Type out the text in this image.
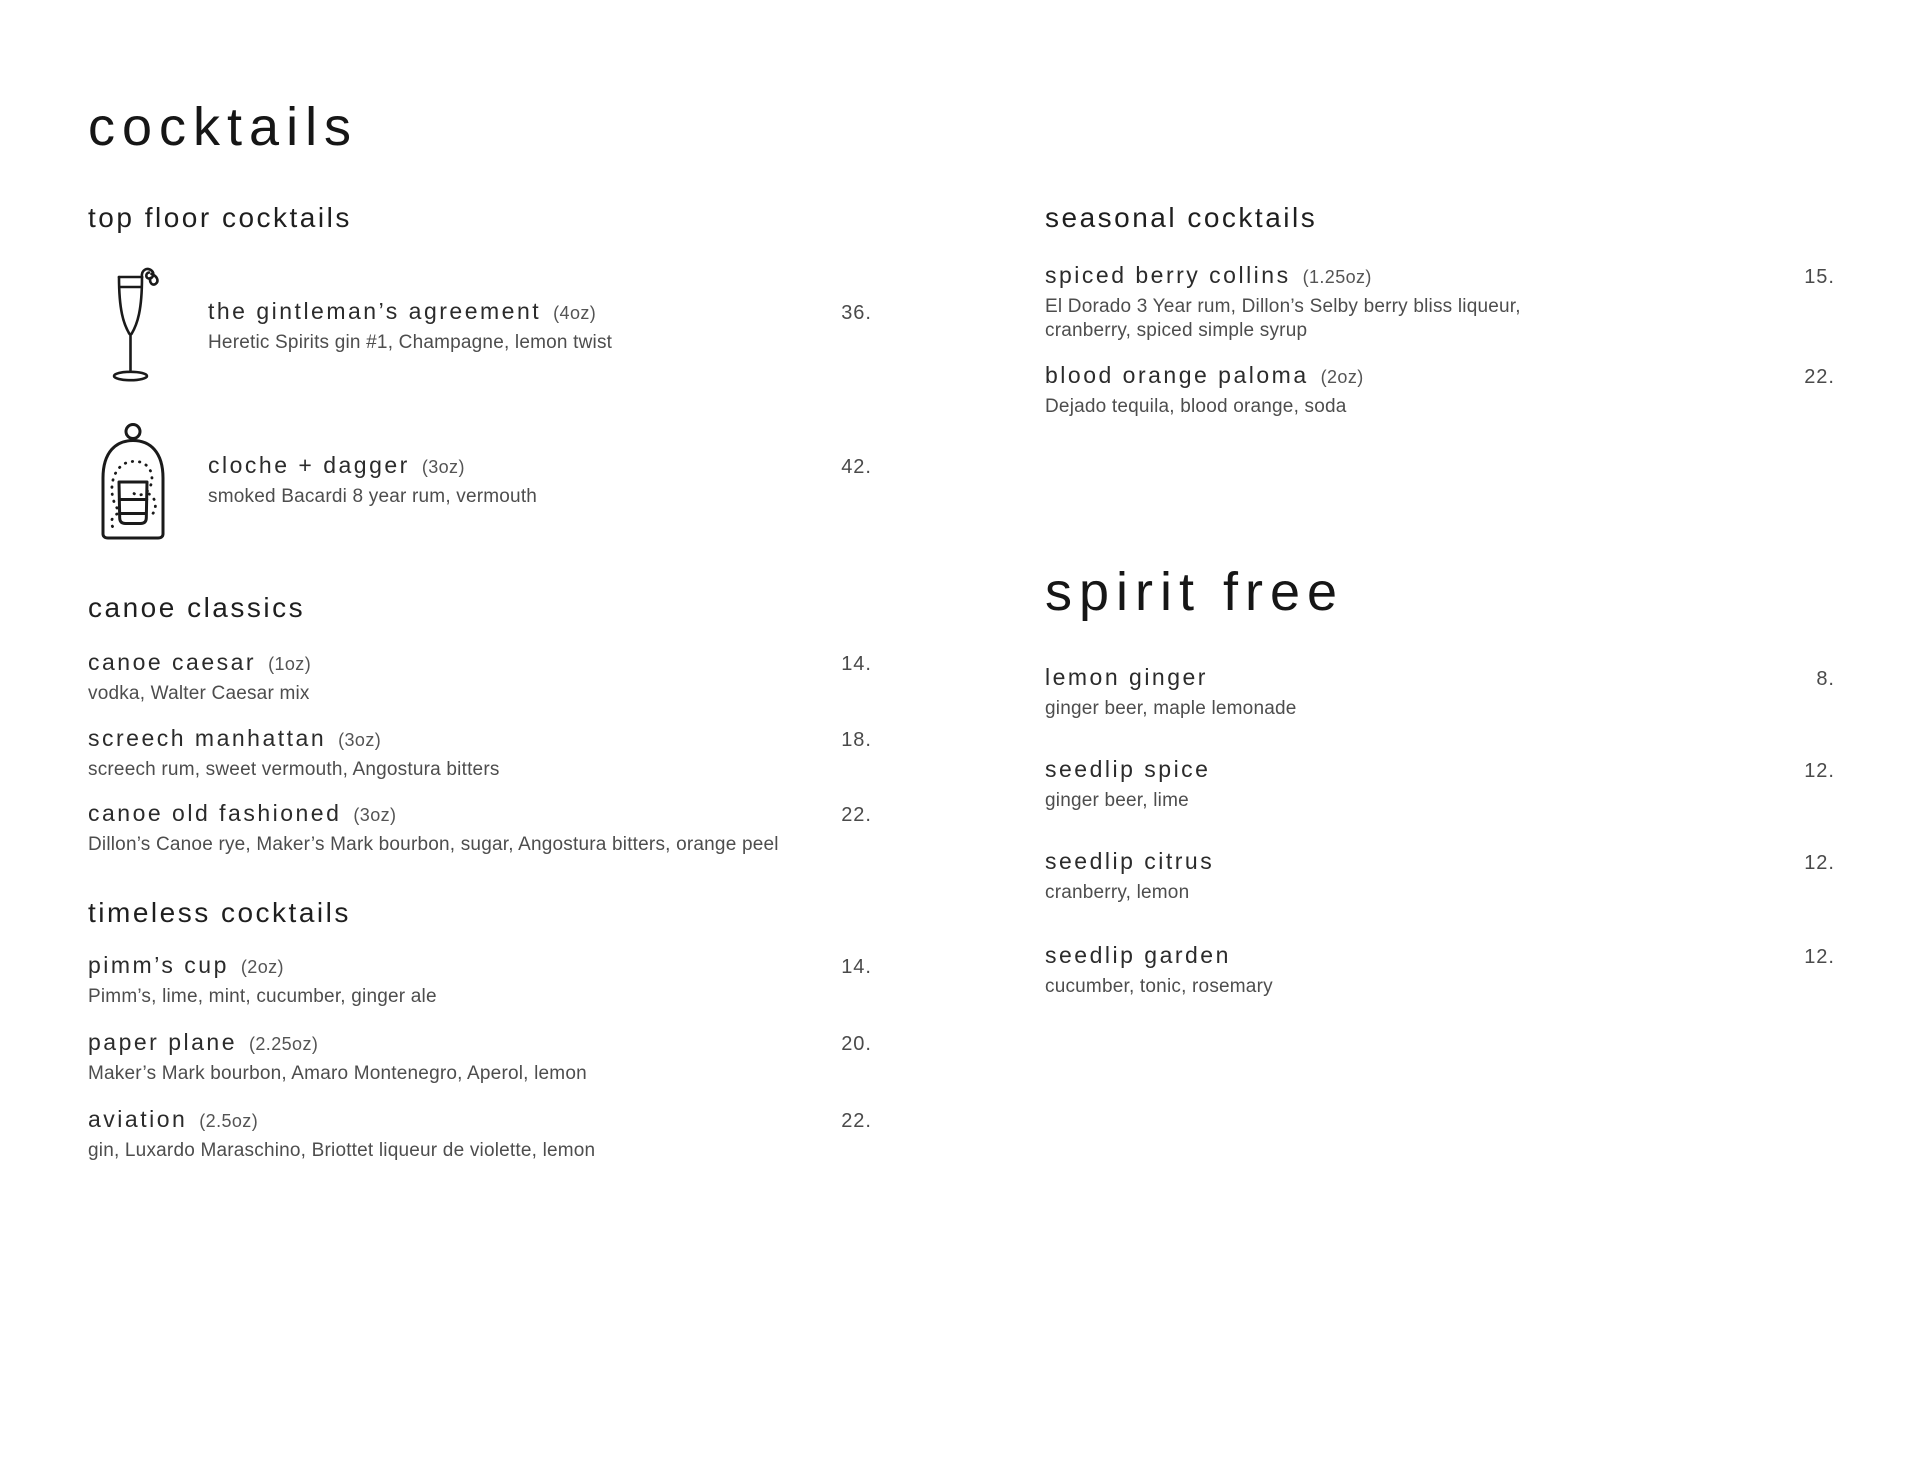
cocktails
top floor cocktails
the gintleman’s agreement (4oz)	36.
Heretic Spirits gin #1, Champagne, lemon twist
cloche + dagger (3oz)	42.
smoked Bacardi 8 year rum, vermouth
canoe classics
canoe caesar (1oz)	14.
vodka, Walter Caesar mix
screech manhattan (3oz)	18.
screech rum, sweet vermouth, Angostura bitters
canoe old fashioned (3oz)	22.
Dillon’s Canoe rye, Maker’s Mark bourbon, sugar, Angostura bitters, orange peel
timeless cocktails
pimm’s cup (2oz)	14.
Pimm’s, lime, mint, cucumber, ginger ale
paper plane (2.25oz)	20.
Maker’s Mark bourbon, Amaro Montenegro, Aperol, lemon
aviation (2.5oz)	22.
gin, Luxardo Maraschino, Briottet liqueur de violette, lemon
seasonal cocktails
spiced berry collins (1.25oz)	15.
El Dorado 3 Year rum, Dillon’s Selby berry bliss liqueur, cranberry, spiced simple syrup
blood orange paloma (2oz)	22.
Dejado tequila, blood orange, soda
spirit free
lemon ginger	8.
ginger beer, maple lemonade
seedlip spice	12.
ginger beer, lime
seedlip citrus	12.
cranberry, lemon
seedlip garden	12.
cucumber, tonic, rosemary
